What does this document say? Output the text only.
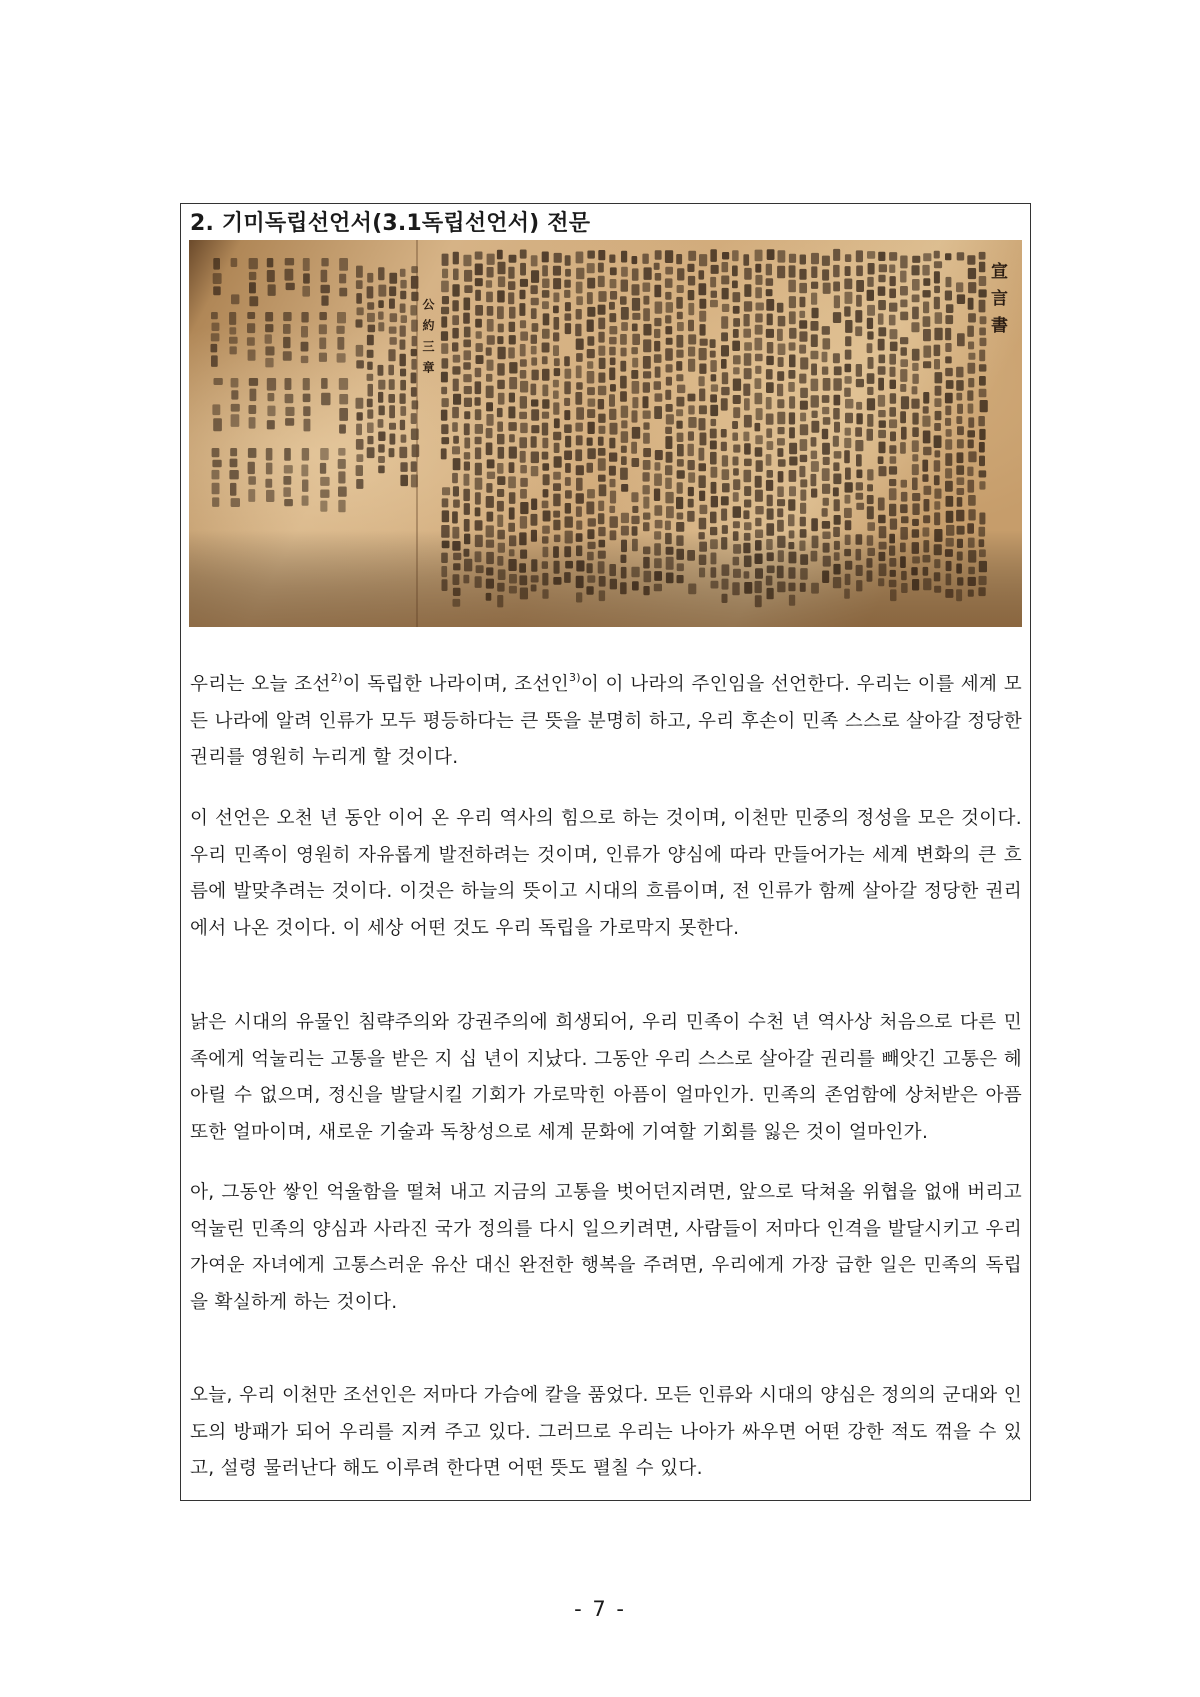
2. 기미독립선언서(3.1독립선언서) 전문

우리는 오늘 조선$^{2)}$이 독립한 나라이며, 조선인$^{3)}$이 이 나라의 주인임을 선언한다. 우리는 이를 세계 모든 나라에 알려 인류가 모두 평등하다는 큰 뜻을 분명히 하고, 우리 후손이 민족 스스로 살아갈 정당한 권리를 영원히 누리게 할 것이다.

이 선언은 오천 년 동안 이어 온 우리 역사의 힘으로 하는 것이며, 이천만 민중의 정성을 모은 것이다. 우리 민족이 영원히 자유롭게 발전하려는 것이며, 인류가 양심에 따라 만들어가는 세계 변화의 큰 흐름에 발맞추려는 것이다. 이것은 하늘의 뜻이고 시대의 흐름이며, 전 인류가 함께 살아갈 정당한 권리에서 나온 것이다. 이 세상 어떤 것도 우리 독립을 가로막지 못한다.

낡은 시대의 유물인 침략주의와 강권주의에 희생되어, 우리 민족이 수천 년 역사상 처음으로 다른 민족에게 억눌리는 고통을 받은 지 십 년이 지났다. 그동안 우리 스스로 살아갈 권리를 빼앗긴 고통은 헤아릴 수 없으며, 정신을 발달시킬 기회가 가로막힌 아픔이 얼마인가. 민족의 존엄함에 상처받은 아픔 또한 얼마이며, 새로운 기술과 독창성으로 세계 문화에 기여할 기회를 잃은 것이 얼마인가.

아, 그동안 쌓인 억울함을 떨쳐 내고 지금의 고통을 벗어던지려면, 앞으로 닥쳐올 위협을 없애 버리고 억눌린 민족의 양심과 사라진 국가 정의를 다시 일으키려면, 사람들이 저마다 인격을 발달시키고 우리 가여운 자녀에게 고통스러운 유산 대신 완전한 행복을 주려면, 우리에게 가장 급한 일은 민족의 독립을 확실하게 하는 것이다.

오늘, 우리 이천만 조선인은 저마다 가슴에 칼을 품었다. 모든 인류와 시대의 양심은 정의의 군대와 인도의 방패가 되어 우리를 지켜 주고 있다. 그러므로 우리는 나아가 싸우면 어떤 강한 적도 꺾을 수 있고, 설령 물러난다 해도 이루려 한다면 어떤 뜻도 펼칠 수 있다.

- 7 -
